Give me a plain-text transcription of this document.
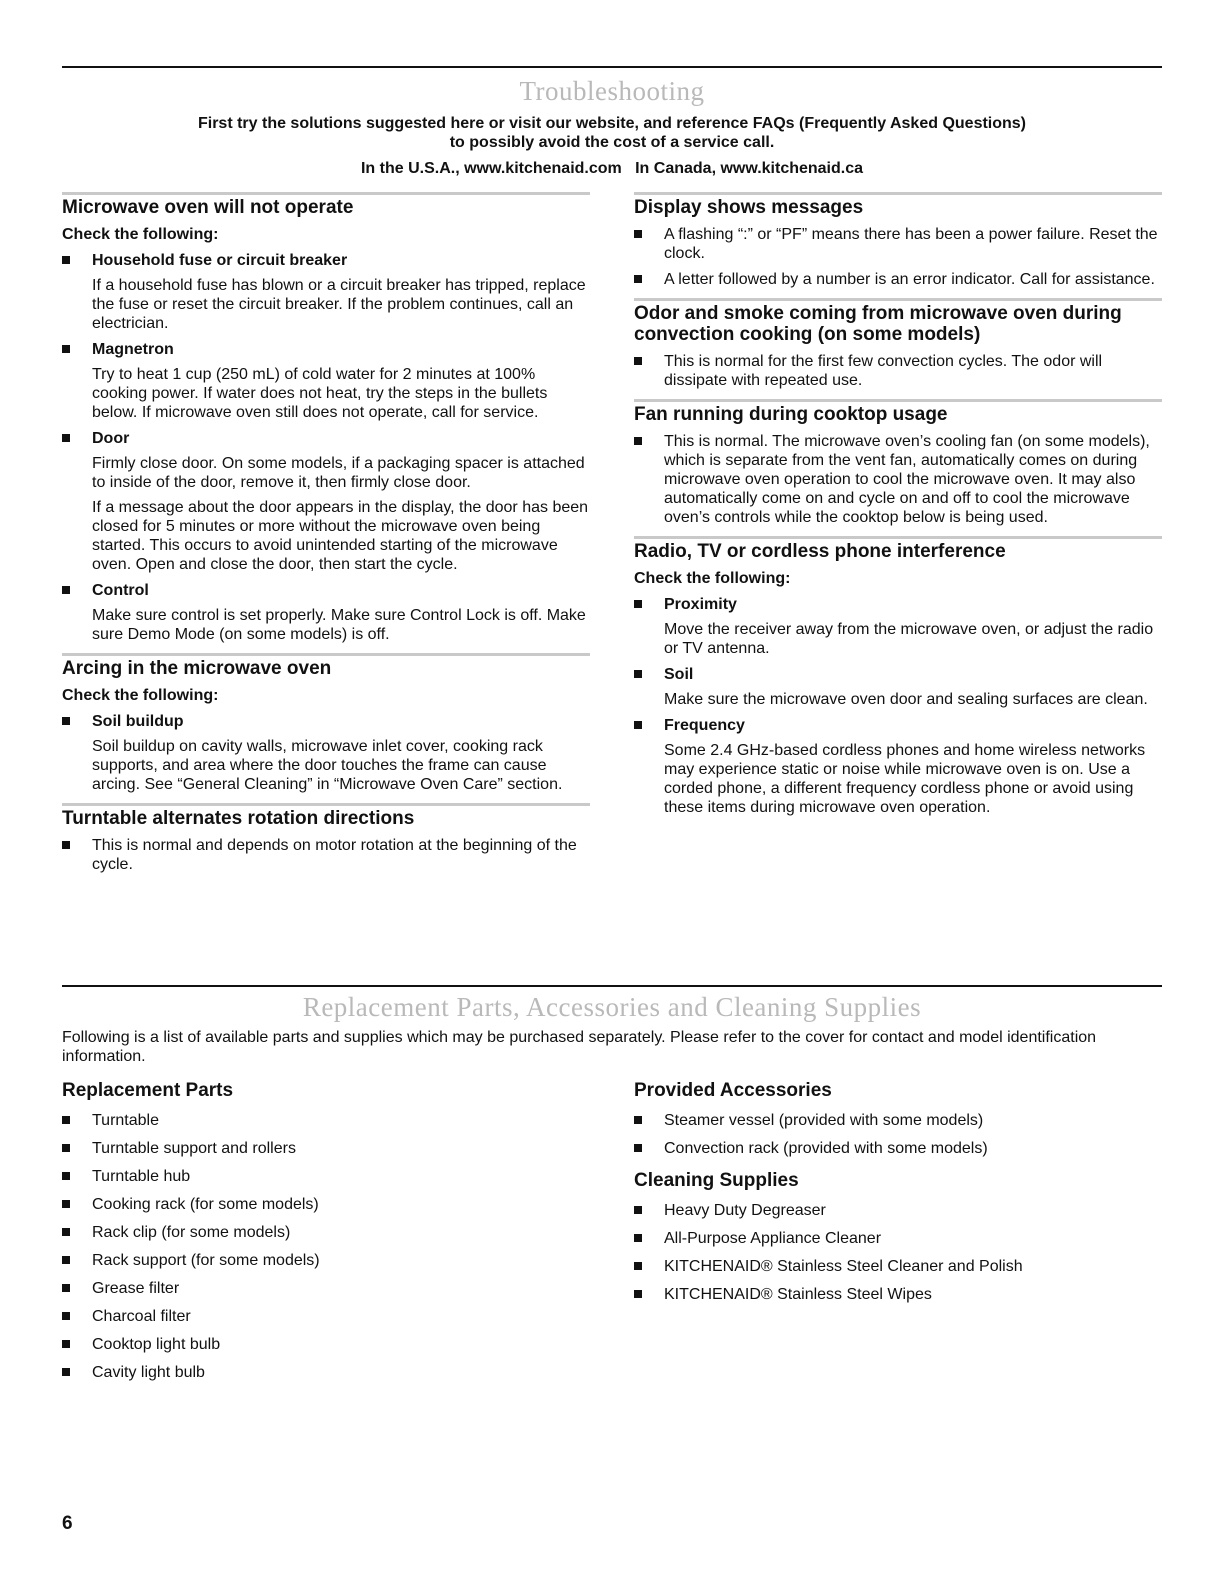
Troubleshooting
First try the solutions suggested here or visit our website, and reference FAQs (Frequently Asked Questions)
to possibly avoid the cost of a service call.
In the U.S.A., www.kitchenaid.com   In Canada, www.kitchenaid.ca
Microwave oven will not operate
Check the following:
Household fuse or circuit breaker

If a household fuse has blown or a circuit breaker has tripped, replace the fuse or reset the circuit breaker. If the problem continues, call an electrician.

Magnetron

Try to heat 1 cup (250 mL) of cold water for 2 minutes at 100% cooking power. If water does not heat, try the steps in the bullets below. If microwave oven still does not operate, call for service.

Door

Firmly close door. On some models, if a packaging spacer is attached to inside of the door, remove it, then firmly close door.

If a message about the door appears in the display, the door has been closed for 5 minutes or more without the microwave oven being started. This occurs to avoid unintended starting of the microwave oven. Open and close the door, then start the cycle.

Control

Make sure control is set properly. Make sure Control Lock is off. Make sure Demo Mode (on some models) is off.

Arcing in the microwave oven
Check the following:
Soil buildup

Soil buildup on cavity walls, microwave inlet cover, cooking rack supports, and area where the door touches the frame can cause arcing. See “General Cleaning” in “Microwave Oven Care” section.

Turntable alternates rotation directions
This is normal and depends on motor rotation at the beginning of the cycle.
Display shows messages
A flashing “:” or “PF” means there has been a power failure. Reset the clock.
A letter followed by a number is an error indicator. Call for assistance.
Odor and smoke coming from microwave oven during convection cooking (on some models)
This is normal for the first few convection cycles. The odor will dissipate with repeated use.
Fan running during cooktop usage
This is normal. The microwave oven’s cooling fan (on some models), which is separate from the vent fan, automatically comes on during microwave oven operation to cool the microwave oven. It may also automatically come on and cycle on and off to cool the microwave oven’s controls while the cooktop below is being used.
Radio, TV or cordless phone interference
Check the following:
Proximity

Move the receiver away from the microwave oven, or adjust the radio or TV antenna.

Soil

Make sure the microwave oven door and sealing surfaces are clean.

Frequency

Some 2.4 GHz-based cordless phones and home wireless networks may experience static or noise while microwave oven is on. Use a corded phone, a different frequency cordless phone or avoid using these items during microwave oven operation.

Replacement Parts, Accessories and Cleaning Supplies
Following is a list of available parts and supplies which may be purchased separately. Please refer to the cover for contact and model identification information.
Replacement Parts
Turntable
Turntable support and rollers
Turntable hub
Cooking rack (for some models)
Rack clip (for some models)
Rack support (for some models)
Grease filter
Charcoal filter
Cooktop light bulb
Cavity light bulb
Provided Accessories
Steamer vessel (provided with some models)
Convection rack (provided with some models)
Cleaning Supplies
Heavy Duty Degreaser
All-Purpose Appliance Cleaner
KITCHENAID® Stainless Steel Cleaner and Polish
KITCHENAID® Stainless Steel Wipes
6
